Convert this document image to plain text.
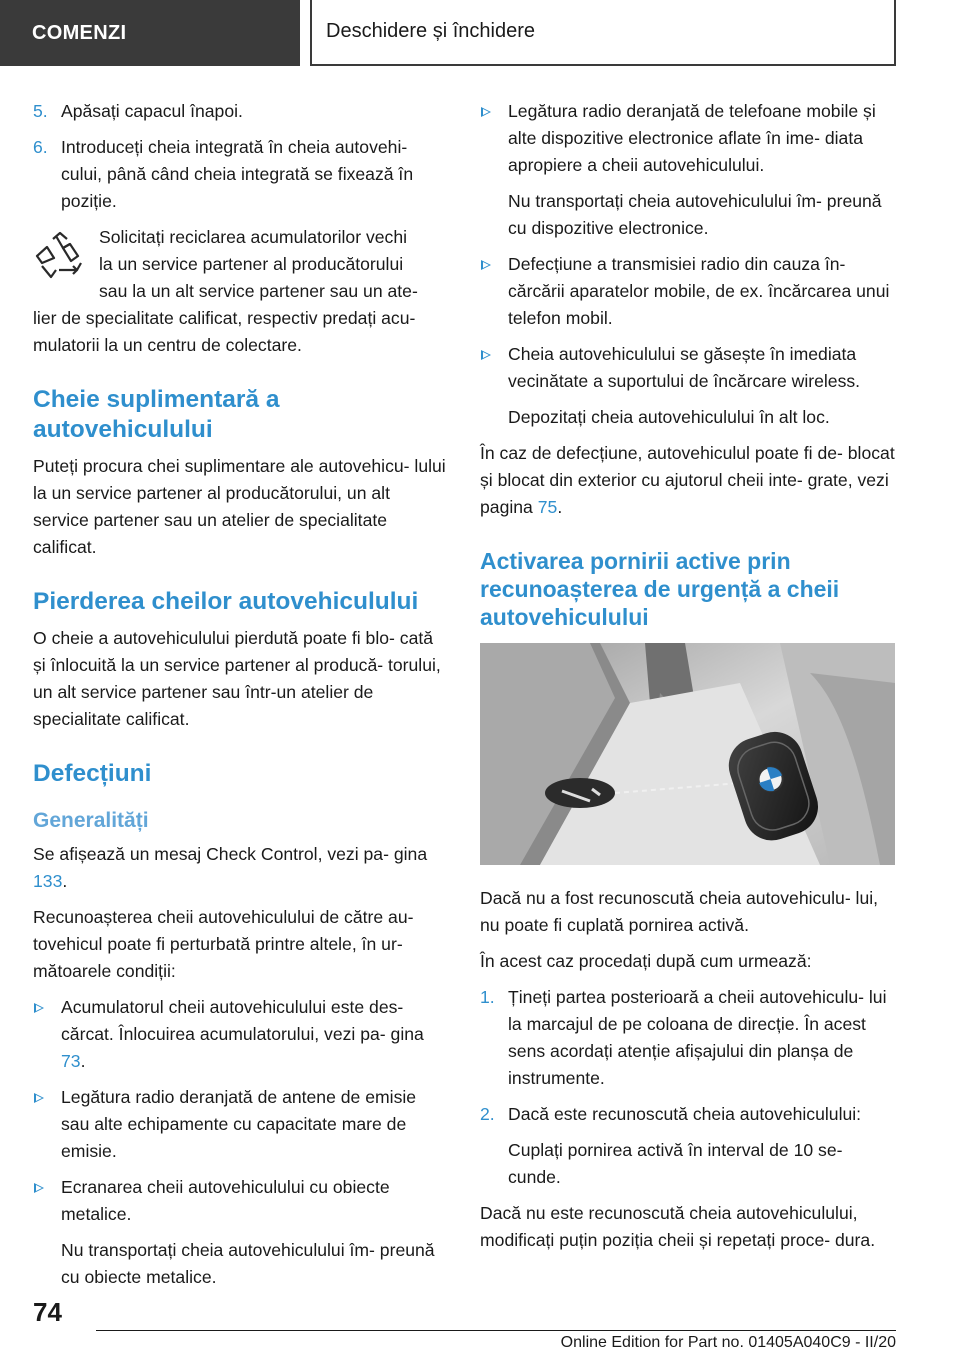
COMENZI	Deschidere și închidere
5. Apăsați capacul înapoi.
6. Introduceți cheia integrată în cheia autovehi‐ cului, până când cheia integrată se fixează în poziție.
Solicitați reciclarea acumulatorilor vechi
la un service partener al producătorului
sau la un alt service partener sau un ate‐
lier de specialitate calificat, respectiv predați acu‐ mulatorii la un centru de colectare.
Cheie suplimentară a autovehiculului

Puteți procura chei suplimentare ale autovehicu‐ lului la un service partener al producătorului, un alt service partener sau un atelier de specialitate calificat.

Pierderea cheilor autovehiculului

O cheie a autovehiculului pierdută poate fi blo‐ cată și înlocuită la un service partener al producă‐ torului, un alt service partener sau într-un atelier de specialitate calificat.

Defecțiuni
Generalități

Se afișează un mesaj Check Control, vezi pa‐ gina 133.

Recunoașterea cheii autovehiculului de către au‐ tovehicul poate fi perturbată printre altele, în ur‐ mătoarele condiții:

Acumulatorul cheii autovehiculului este des‐ cărcat. Înlocuirea acumulatorului, vezi pa‐ gina 73.
Legătura radio deranjată de antene de emisie sau alte echipamente cu capacitate mare de emisie.
Ecranarea cheii autovehiculului cu obiecte metalice.
Nu transportați cheia autovehiculului îm‐ preună cu obiecte metalice.
Legătura radio deranjată de telefoane mobile și alte dispozitive electronice aflate în ime‐ diata apropiere a cheii autovehiculului.
Nu transportați cheia autovehiculului îm‐ preună cu dispozitive electronice.
Defecțiune a transmisiei radio din cauza în‐ cărcării aparatelor mobile, de ex. încărcarea unui telefon mobil.
Cheia autovehiculului se găsește în imediata vecinătate a suportului de încărcare wireless.
Depozitați cheia autovehiculului în alt loc.

În caz de defecțiune, autovehiculul poate fi de‐ blocat și blocat din exterior cu ajutorul cheii inte‐ grate, vezi pagina 75.

Activarea pornirii active prin recunoașterea de urgență a cheii autovehiculului

Dacă nu a fost recunoscută cheia autovehiculu‐ lui, nu poate fi cuplată pornirea activă.

În acest caz procedați după cum urmează:

1. Țineți partea posterioară a cheii autovehiculu‐ lui la marcajul de pe coloana de direcție. În acest sens acordați atenție afișajului din planșa de instrumente.
2. Dacă este recunoscută cheia autovehiculului:
Cuplați pornirea activă în interval de 10 se‐ cunde.

Dacă nu este recunoscută cheia autovehiculului, modificați puțin poziția cheii și repetați proce‐ dura.

74
Online Edition for Part no. 01405A040C9 - II/20
